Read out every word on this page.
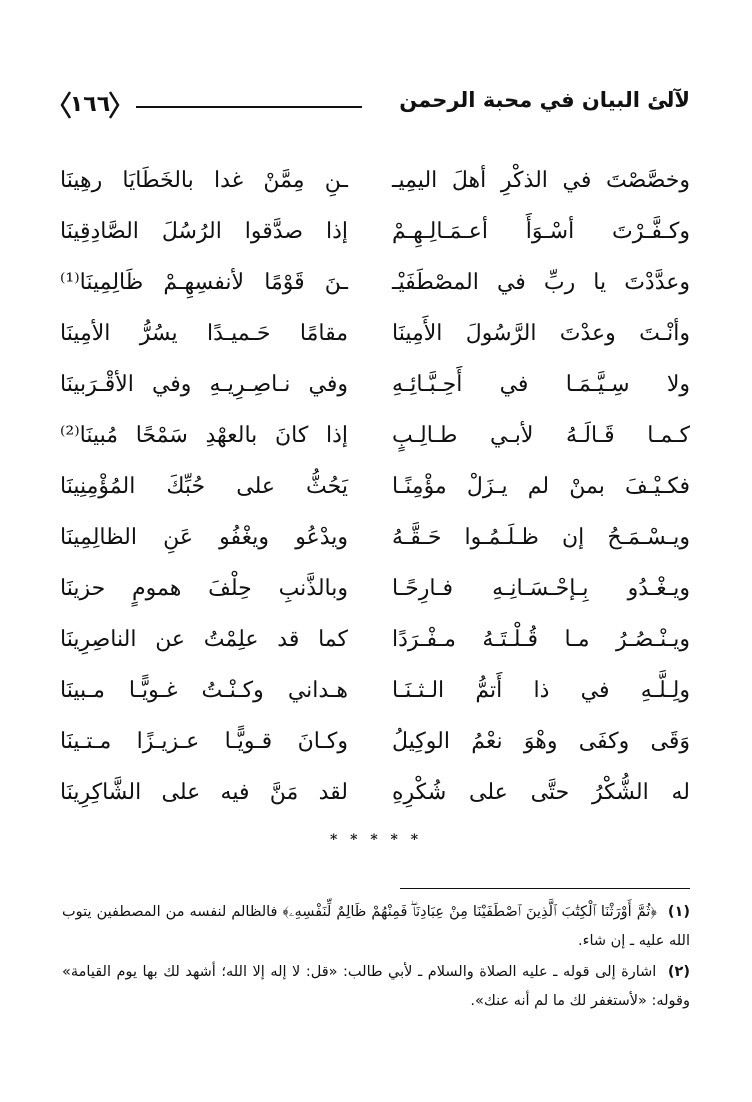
١٦٦	لآلئ البيان في محبة الرحمن
وخصَّصْتَ في الذكْرِ أهلَ اليمِيـ
ـنِ مِمَّنْ غدا بالخَطَايَا رهِينَا
وكـفَّـرْتَ أسْـوَأَ أعـمَـالِـهِـمْ
إذا صدَّقوا الرُسُلَ الصَّادِقِينَا
وعدَّدْتَ يا ربِّ في المصْطَفَيْـ
ـنَ قَوْمًا لأنفسِهِـمْ ظَالِمِينَا⁽¹⁾
وأنْـتَ وعدْتَ الرَّسُولَ الأَمِينَا
مقامًا حَـميـدًا يسُرُّ الأمِينَا
ولا سِـيَّـمَـا في أَحِـبَّـائِـهِ
وفي نـاصِـرِيـهِ وفي الأقْـرَبينَا
كـمـا قَـالَـهُ لأبـي طـالِـبٍ
إذا كانَ بالعهْدِ سَمْحًا مُبينَا⁽²⁾
فكـيْـفَ بمنْ لم يـزَلْ مؤْمِنًـا
يَحُثُّ على حُبِّكَ المُؤْمِنِينَا
ويـسْـمَـحُ إن ظـلَـمُـوا حَـقَّـهُ
ويدْعُو ويغْفُو عَنِ الظالِمِينَا
ويـغْـدُو بِـإحْـسَـانِـهِ فـارِحًـا
وبالذَّنبِ حِلْفَ همومٍ حزينَا
ويـنْـصُـرُ مـا قُـلْـتَـهُ مـفْـرَدًا
كما قد علِمْتُ عن الناصِرِينَا
ولِـلَّـهِ في ذا أَتمُّ الـثـنَـا
هـداني وكـنْـتُ غـويًّـا مـبينَا
وَقَى وكفَى وهْوَ نعْمُ الوكِيلُ
وكـانَ قـويًّـا عـزيـزًا مـتـينَا
له الشُّكْرُ حتَّى على شُكْرِهِ
لقد مَنَّ فيه على الشَّاكِرِينَا
* * * * *
(١) ﴿ثُمَّ أَوْرَثْنَا ٱلْكِتَٰبَ ٱلَّذِينَ ٱصْطَفَيْنَا مِنْ عِبَادِنَاۖ فَمِنْهُمْ ظَالِمٌ لِّنَفْسِهِۦ﴾ فالظالم لنفسه من المصطفين يتوب الله عليه ـ إن شاء.
(٢) اشارة إلى قوله ـ عليه الصلاة والسلام ـ لأبي طالب: «قل: لا إله إلا الله؛ أشهد لك بها يوم القيامة» وقوله: «لأستغفر لك ما لم أنه عنك».
